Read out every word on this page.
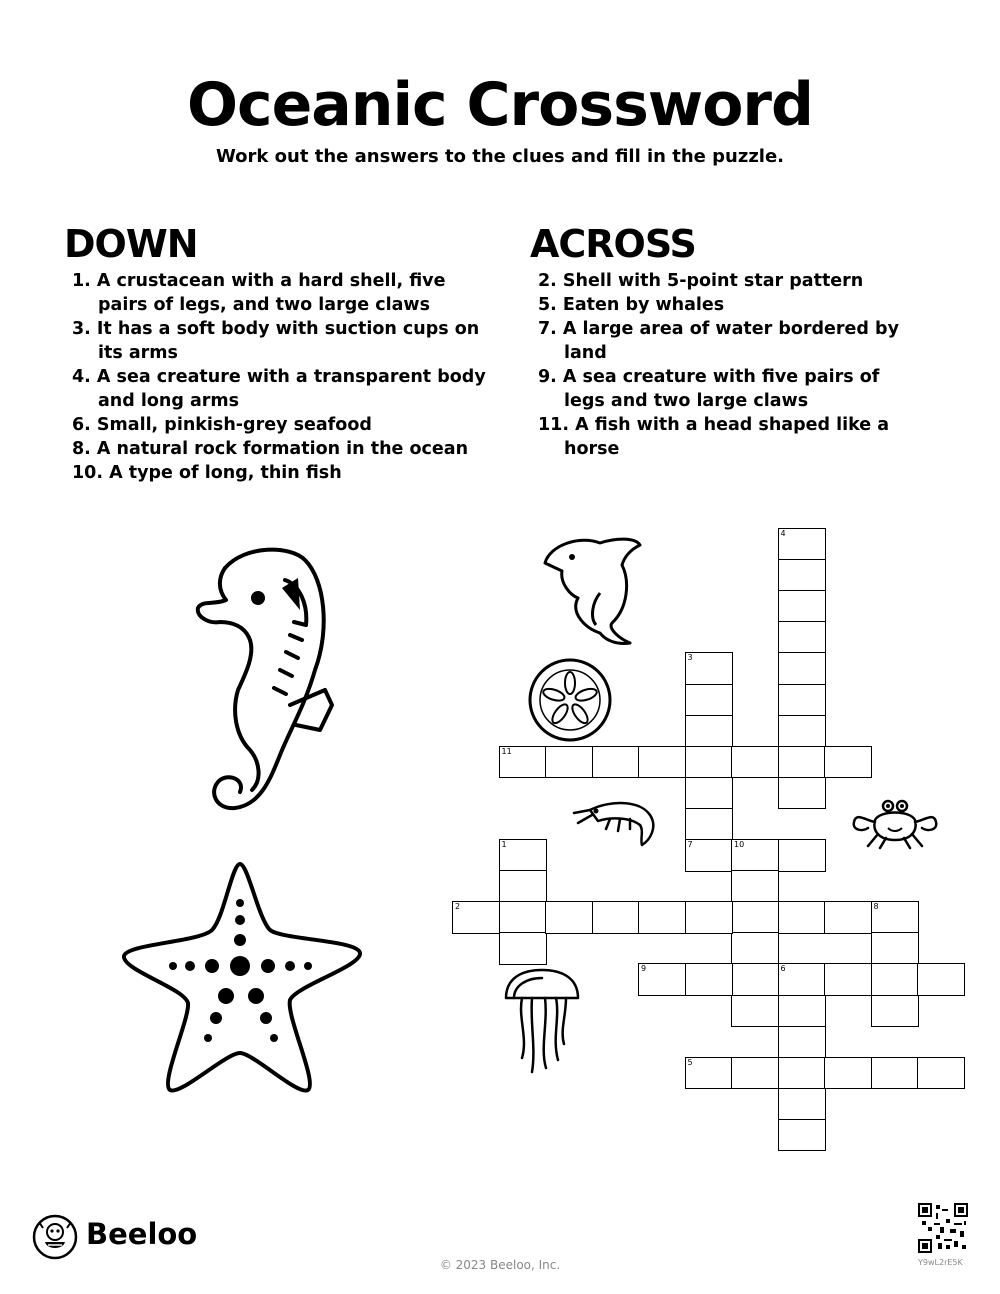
Oceanic Crossword
Work out the answers to the clues and fill in the puzzle.
DOWN
1. A crustacean with a hard shell, five pairs of legs, and two large claws
3. It has a soft body with suction cups on its arms
4. A sea creature with a transparent body and long arms
6. Small, pinkish-grey seafood
8. A natural rock formation in the ocean
10. A type of long, thin fish
ACROSS
2. Shell with 5-point star pattern
5. Eaten by whales
7. A large area of water bordered by land
9. A sea creature with five pairs of legs and two large claws
11. A fish with a head shaped like a horse
4
3
11
1	7	10
2	8
9	6
5
Beeloo
© 2023 Beeloo, Inc.	Y9wL2rE5K
